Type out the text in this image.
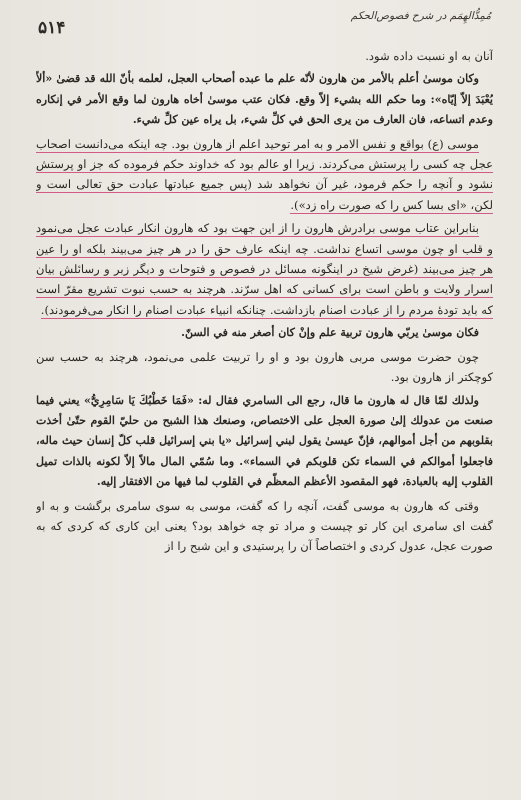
مُمِدُّالهِمَم در شرح فصوص‌الحکم
۵۱۴

آنان به او نسبت داده شود.

وكان موسىٰ أعلم بالأمر من هارون لأنّه علم ما عبده أصحاب العجل، لعلمه بأنّ الله قد قضىٰ «ألاّ يُعْبَدَ إلاّ إيّاه»: وما حكم الله بشيء إلاّ وقع. فكان عتب موسىٰ أخاه هارون لما وقع الأمر في إنكاره وعدم اتساعه، فان العارف من يرى الحق في كلِّ شيء، بل يراه عين كلِّ شيء.

موسی (ع) بواقع و نفس الامر و به امر توحید اعلم از هارون بود. چه اینکه می‌دانست اصحاب عجل چه کسی را پرستش می‌کردند. زیرا او عالم بود که خداوند حکم فرموده که جز او پرستش نشود و آنچه را حکم فرمود، غیر آن نخواهد شد (پس جمیع عبادتها عبادت حق تعالی است و لکن، «ای بسا کس را که صورت راه زد»).

بنابراین عتاب موسی برادرش هارون را از این جهت بود که هارون انکار عبادت عجل می‌نمود و قلب او چون موسی اتساع نداشت. چه اینکه عارف حق را در هر چیز می‌بیند بلکه او را عین هر چیز می‌بیند (غرض شیخ در اینگونه مسائل در فصوص و فتوحات و دیگر زبر و رسائلش بیان اسرار ولایت و باطن است برای کسانی که اهل سرّند. هرچند به حسب نبوت تشریع مقرّ است که باید تودهٔ مردم را از عبادت اصنام بازداشت. چنانکه انبیاء عبادت اصنام را انکار می‌فرمودند).

فكان موسىٰ يربّي هارون تربية علم وإنْ كان أصغر منه في السنّ.

چون حضرت موسی مربی هارون بود و او را تربیت علمی می‌نمود، هرچند به حسب سن کوچکتر از هارون بود.

ولذلك لمّا قال له هارون ما قال، رجع الى السامري فقال له: «فَمَا خَطْبُكَ يَا سَامِرِيُّ» يعني فيما صنعت من عدولك إلىٰ صورة العجل على الاختصاص، وصنعك هذا الشبح من حليّ القوم حتّىٰ أخذت بقلوبهم من أجل أموالهم، فإنّ عيسىٰ يقول لبني إسرائيل «يا بني إسرائيل قلب كلّ إنسان حيث ماله، فاجعلوا أموالكم في السماء تكن قلوبكم في السماء». وما سُمّي المال مالاً إلاّ لكونه بالذات تميل القلوب إليه بالعبادة، فهو المقصود الأعظم المعظّم في القلوب لما فيها من الافتقار إليه.

وقتی که هارون به موسی گفت، آنچه را که گفت، موسی به سوی سامری برگشت و به او گفت ای سامری این کار تو چیست و مراد تو چه خواهد بود؟ یعنی این کاری که کردی که به صورت عجل، عدول کردی و اختصاصاً آن را پرستیدی و این شبح را از
